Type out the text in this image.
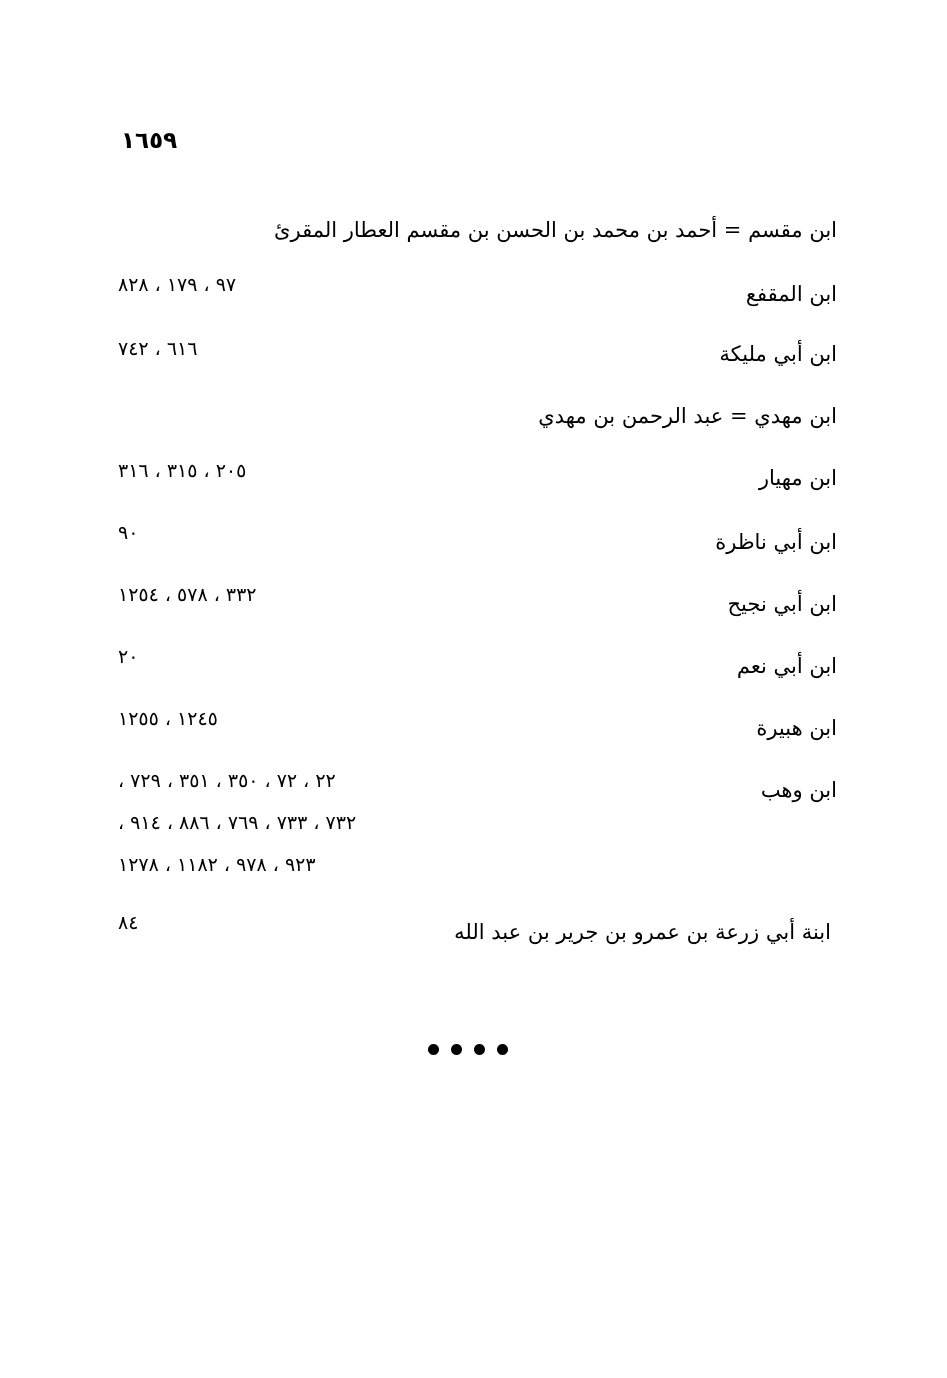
١٦٥٩
ابن مقسم = أحمد بن محمد بن الحسن بن مقسم العطار المقرئ
ابن المقفع
٩٧ ، ١٧٩ ، ٨٢٨
ابن أبي مليكة
٦١٦ ، ٧٤٢
ابن مهدي = عبد الرحمن بن مهدي
ابن مهيار
٢٠٥ ، ٣١٥ ، ٣١٦
ابن أبي ناظرة
٩٠
ابن أبي نجيح
٣٣٢ ، ٥٧٨ ، ١٢٥٤
ابن أبي نعم
٢٠
ابن هبيرة
١٢٤٥ ، ١٢٥٥
ابن وهب
٢٢ ، ٧٢ ، ٣٥٠ ، ٣٥١ ، ٧٢٩ ،
٧٣٢ ، ٧٣٣ ، ٧٦٩ ، ٨٨٦ ، ٩١٤ ،
٩٢٣ ، ٩٧٨ ، ١١٨٢ ، ١٢٧٨
ابنة أبي زرعة بن عمرو بن جرير بن عبد الله
٨٤
